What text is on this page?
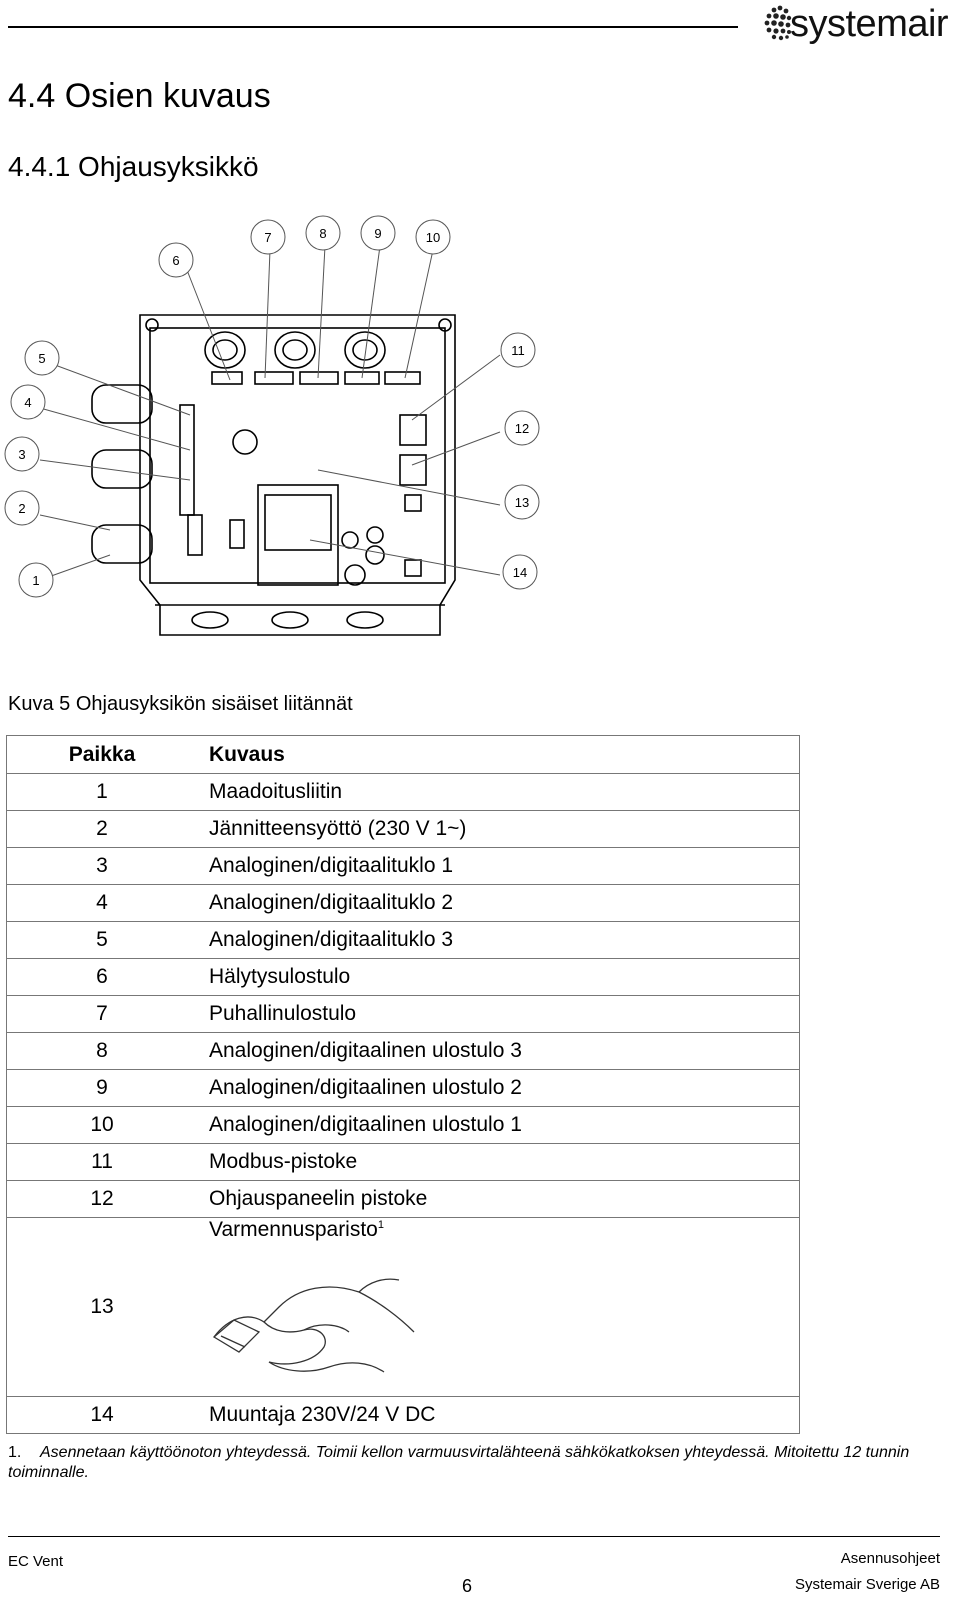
systemair
4.4 Osien kuvaus
4.4.1 Ohjausyksikkö
1
2
3
4
5
6
7	8	9	10
11
12
13
14
Kuva 5 Ohjausyksikön sisäiset liitännät
Paikka	Kuvaus
1	Maadoitusliitin
2	Jännitteensyöttö (230 V 1~)
3	Analoginen/digitaalituklo 1
4	Analoginen/digitaalituklo 2
5	Analoginen/digitaalituklo 3
6	Hälytysulostulo
7	Puhallinulostulo
8	Analoginen/digitaalinen ulostulo 3
9	Analoginen/digitaalinen ulostulo 2
10	Analoginen/digitaalinen ulostulo 1
11	Modbus-pistoke
12	Ohjauspaneelin pistoke
13	Varmennusparisto$^1$

14	Muuntaja 230V/24 V DC
1. Asennetaan käyttöönoton yhteydessä. Toimii kellon varmuusvirtalähteenä sähkökatkoksen yhteydessä. Mitoitettu 12 tunnin toiminnalle.
EC Vent
6
Asennusohjeet
Systemair Sverige AB
